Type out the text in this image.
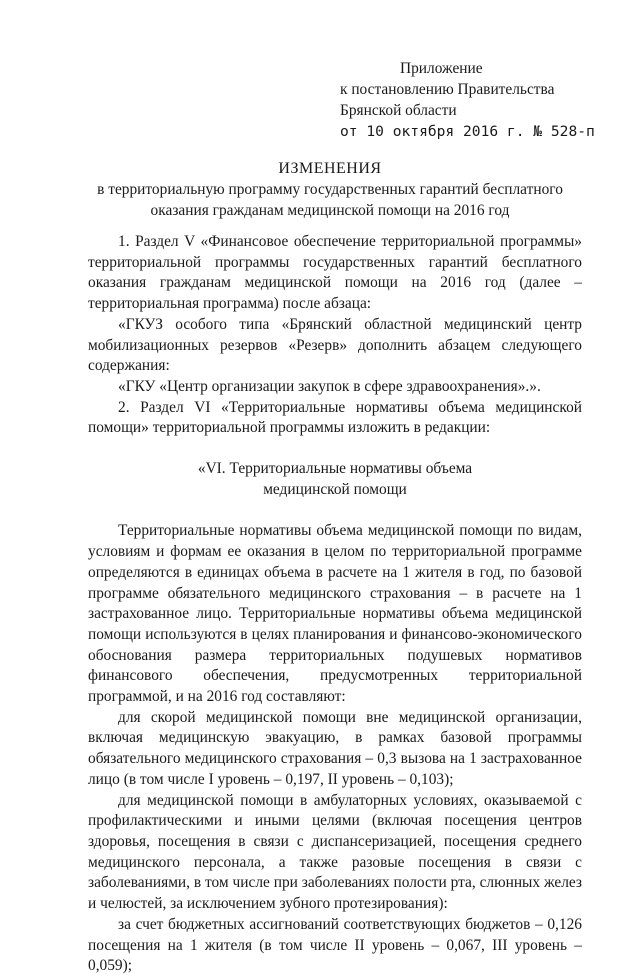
Приложение
к постановлению Правительства
Брянской области
от 10 октября 2016 г. № 528-п
ИЗМЕНЕНИЯ
в территориальную программу государственных гарантий бесплатного
оказания гражданам медицинской помощи на 2016 год

1. Раздел V «Финансовое обеспечение территориальной программы» территориальной программы государственных гарантий бесплатного оказания гражданам медицинской помощи на 2016 год (далее – территориальная программа) после абзаца:

«ГКУЗ особого типа «Брянский областной медицинский центр мобилизационных резервов «Резерв» дополнить абзацем следующего содержания:

«ГКУ «Центр организации закупок в сфере здравоохранения».».

2. Раздел VI «Территориальные нормативы объема медицинской помощи» территориальной программы изложить в редакции:

«VI. Территориальные нормативы объема

медицинской помощи

Территориальные нормативы объема медицинской помощи по видам, условиям и формам ее оказания в целом по территориальной программе определяются в единицах объема в расчете на 1 жителя в год, по базовой программе обязательного медицинского страхования – в расчете на 1 застрахованное лицо. Территориальные нормативы объема медицинской помощи используются в целях планирования и финансово-экономического обоснования размера территориальных подушевых нормативов финансового обеспечения, предусмотренных территориальной программой, и на 2016 год составляют:

для скорой медицинской помощи вне медицинской организации, включая медицинскую эвакуацию, в рамках базовой программы обязательного медицинского страхования – 0,3 вызова на 1 застрахованное лицо (в том числе I уровень – 0,197, II уровень – 0,103);

для медицинской помощи в амбулаторных условиях, оказываемой с профилактическими и иными целями (включая посещения центров здоровья, посещения в связи с диспансеризацией, посещения среднего медицинского персонала, а также разовые посещения в связи с заболеваниями, в том числе при заболеваниях полости рта, слюнных желез и челюстей, за исключением зубного протезирования):

за счет бюджетных ассигнований соответствующих бюджетов – 0,126 посещения на 1 жителя (в том числе II уровень – 0,067, III уровень – 0,059);
